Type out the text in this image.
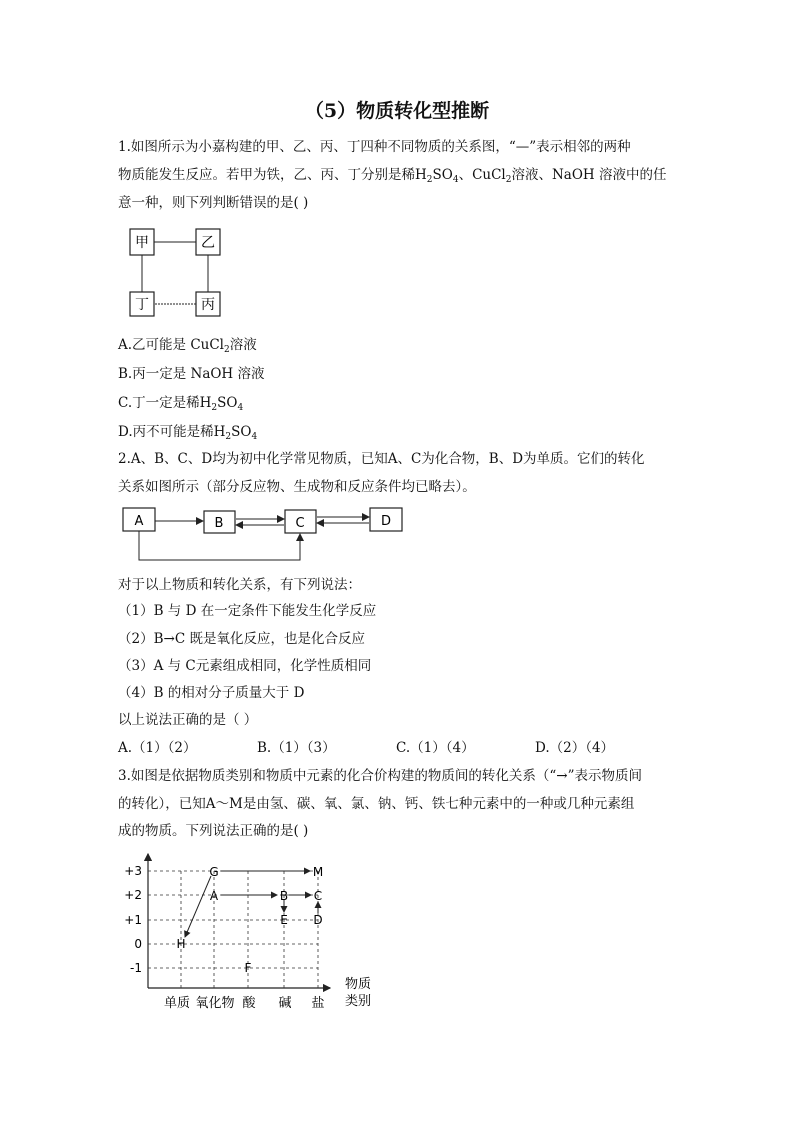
（5）物质转化型推断
1.如图所示为小嘉构建的甲、乙、丙、丁四种不同物质的关系图，“—”表示相邻的两种
物质能发生反应。若甲为铁，乙、丙、丁分别是稀$H_2SO_4$、CuCl$_2$溶液、NaOH 溶液中的任
意一种，则下列判断错误的是( )
甲	乙
丁	丙
A.乙可能是 CuCl$_2$溶液
B.丙一定是 NaOH 溶液
C.丁一定是稀$H_2SO_4$
D.丙不可能是稀$H_2SO_4$
2.A、B、C、D均为初中化学常见物质，已知A、C为化合物，B、D为单质。它们的转化
关系如图所示（部分反应物、生成物和反应条件均已略去）。
A	B	C	D
对于以上物质和转化关系，有下列说法：
（1）B 与 D 在一定条件下能发生化学反应
（2）B→C 既是氧化反应，也是化合反应
（3）A 与 C元素组成相同，化学性质相同
（4）B 的相对分子质量大于 D
以上说法正确的是（ ）
A.（1）（2）	B.（1）（3）	C.（1）（4）	D.（2）（4）
3.如图是依据物质类别和物质中元素的化合价构建的物质间的转化关系（“→”表示物质间
的转化），已知A～M是由氢、碳、氧、氯、钠、钙、铁七种元素中的一种或几种元素组
成的物质。下列说法正确的是( )
+3
+2
+1
0
-1
单质 氧化物 酸 碱 盐
物质
类别
G	M
A	B C
E D
H
F
